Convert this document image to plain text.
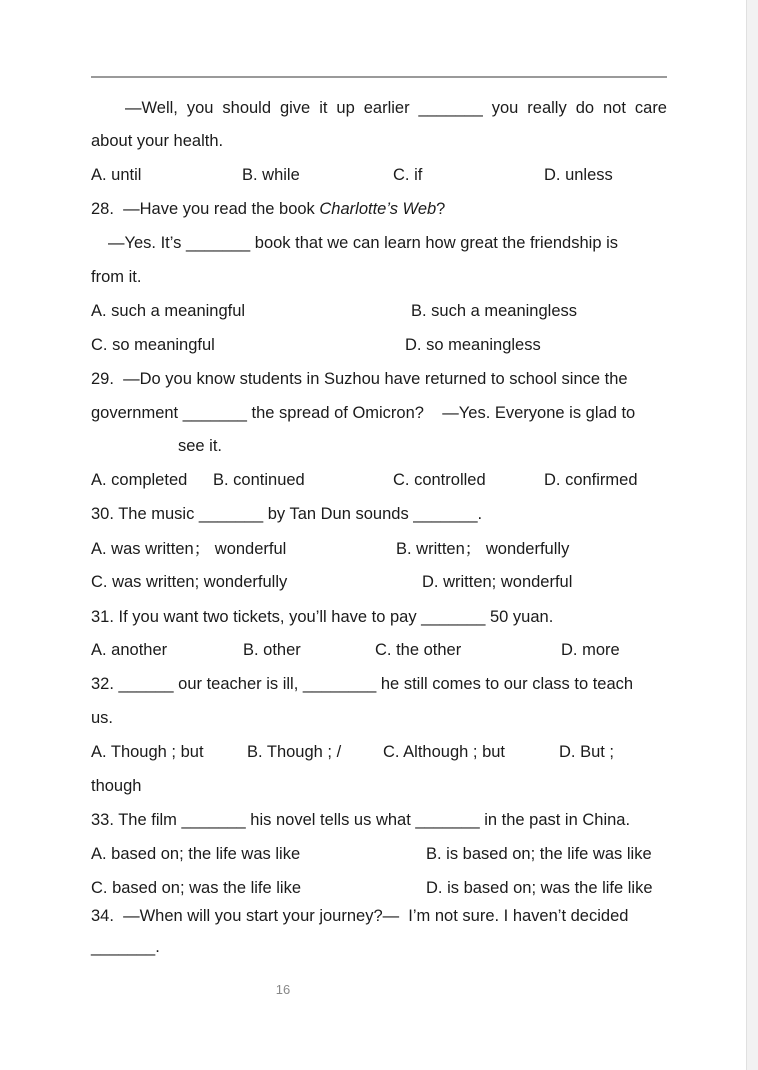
—Well, you should give it up earlier _______ you really do not care
about your health.
A. until	B. while	C. if	D. unless
28.  —Have you read the book Charlotte’s Web?
—Yes. It’s _______ book that we can learn how great the friendship is
from it.
A. such a meaningful	B. such a meaningless
C. so meaningful	D. so meaningless
29.  —Do you know students in Suzhou have returned to school since the
government _______ the spread of Omicron?    —Yes. Everyone is glad to
see it.
A. completed B. continued	C. controlled	D. confirmed
30. The music _______ by Tan Dun sounds _______.
A. was written； wonderful	B. written； wonderfully
C. was written; wonderfully	D. written; wonderful
31. If you want two tickets, you’ll have to pay _______ 50 yuan.
A. another	B. other	C. the other	D. more
32. ______ our teacher is ill, ________ he still comes to our class to teach
us.
A. Though ; but	B. Though ; /	C. Although ; but	D. But ;
though
33. The film _______ his novel tells us what _______ in the past in China.
A. based on; the life was like	B. is based on; the life was like
C. based on; was the life like	D. is based on; was the life like
34.  —When will you start your journey?—  I’m not sure. I haven’t decided
_______.
16
